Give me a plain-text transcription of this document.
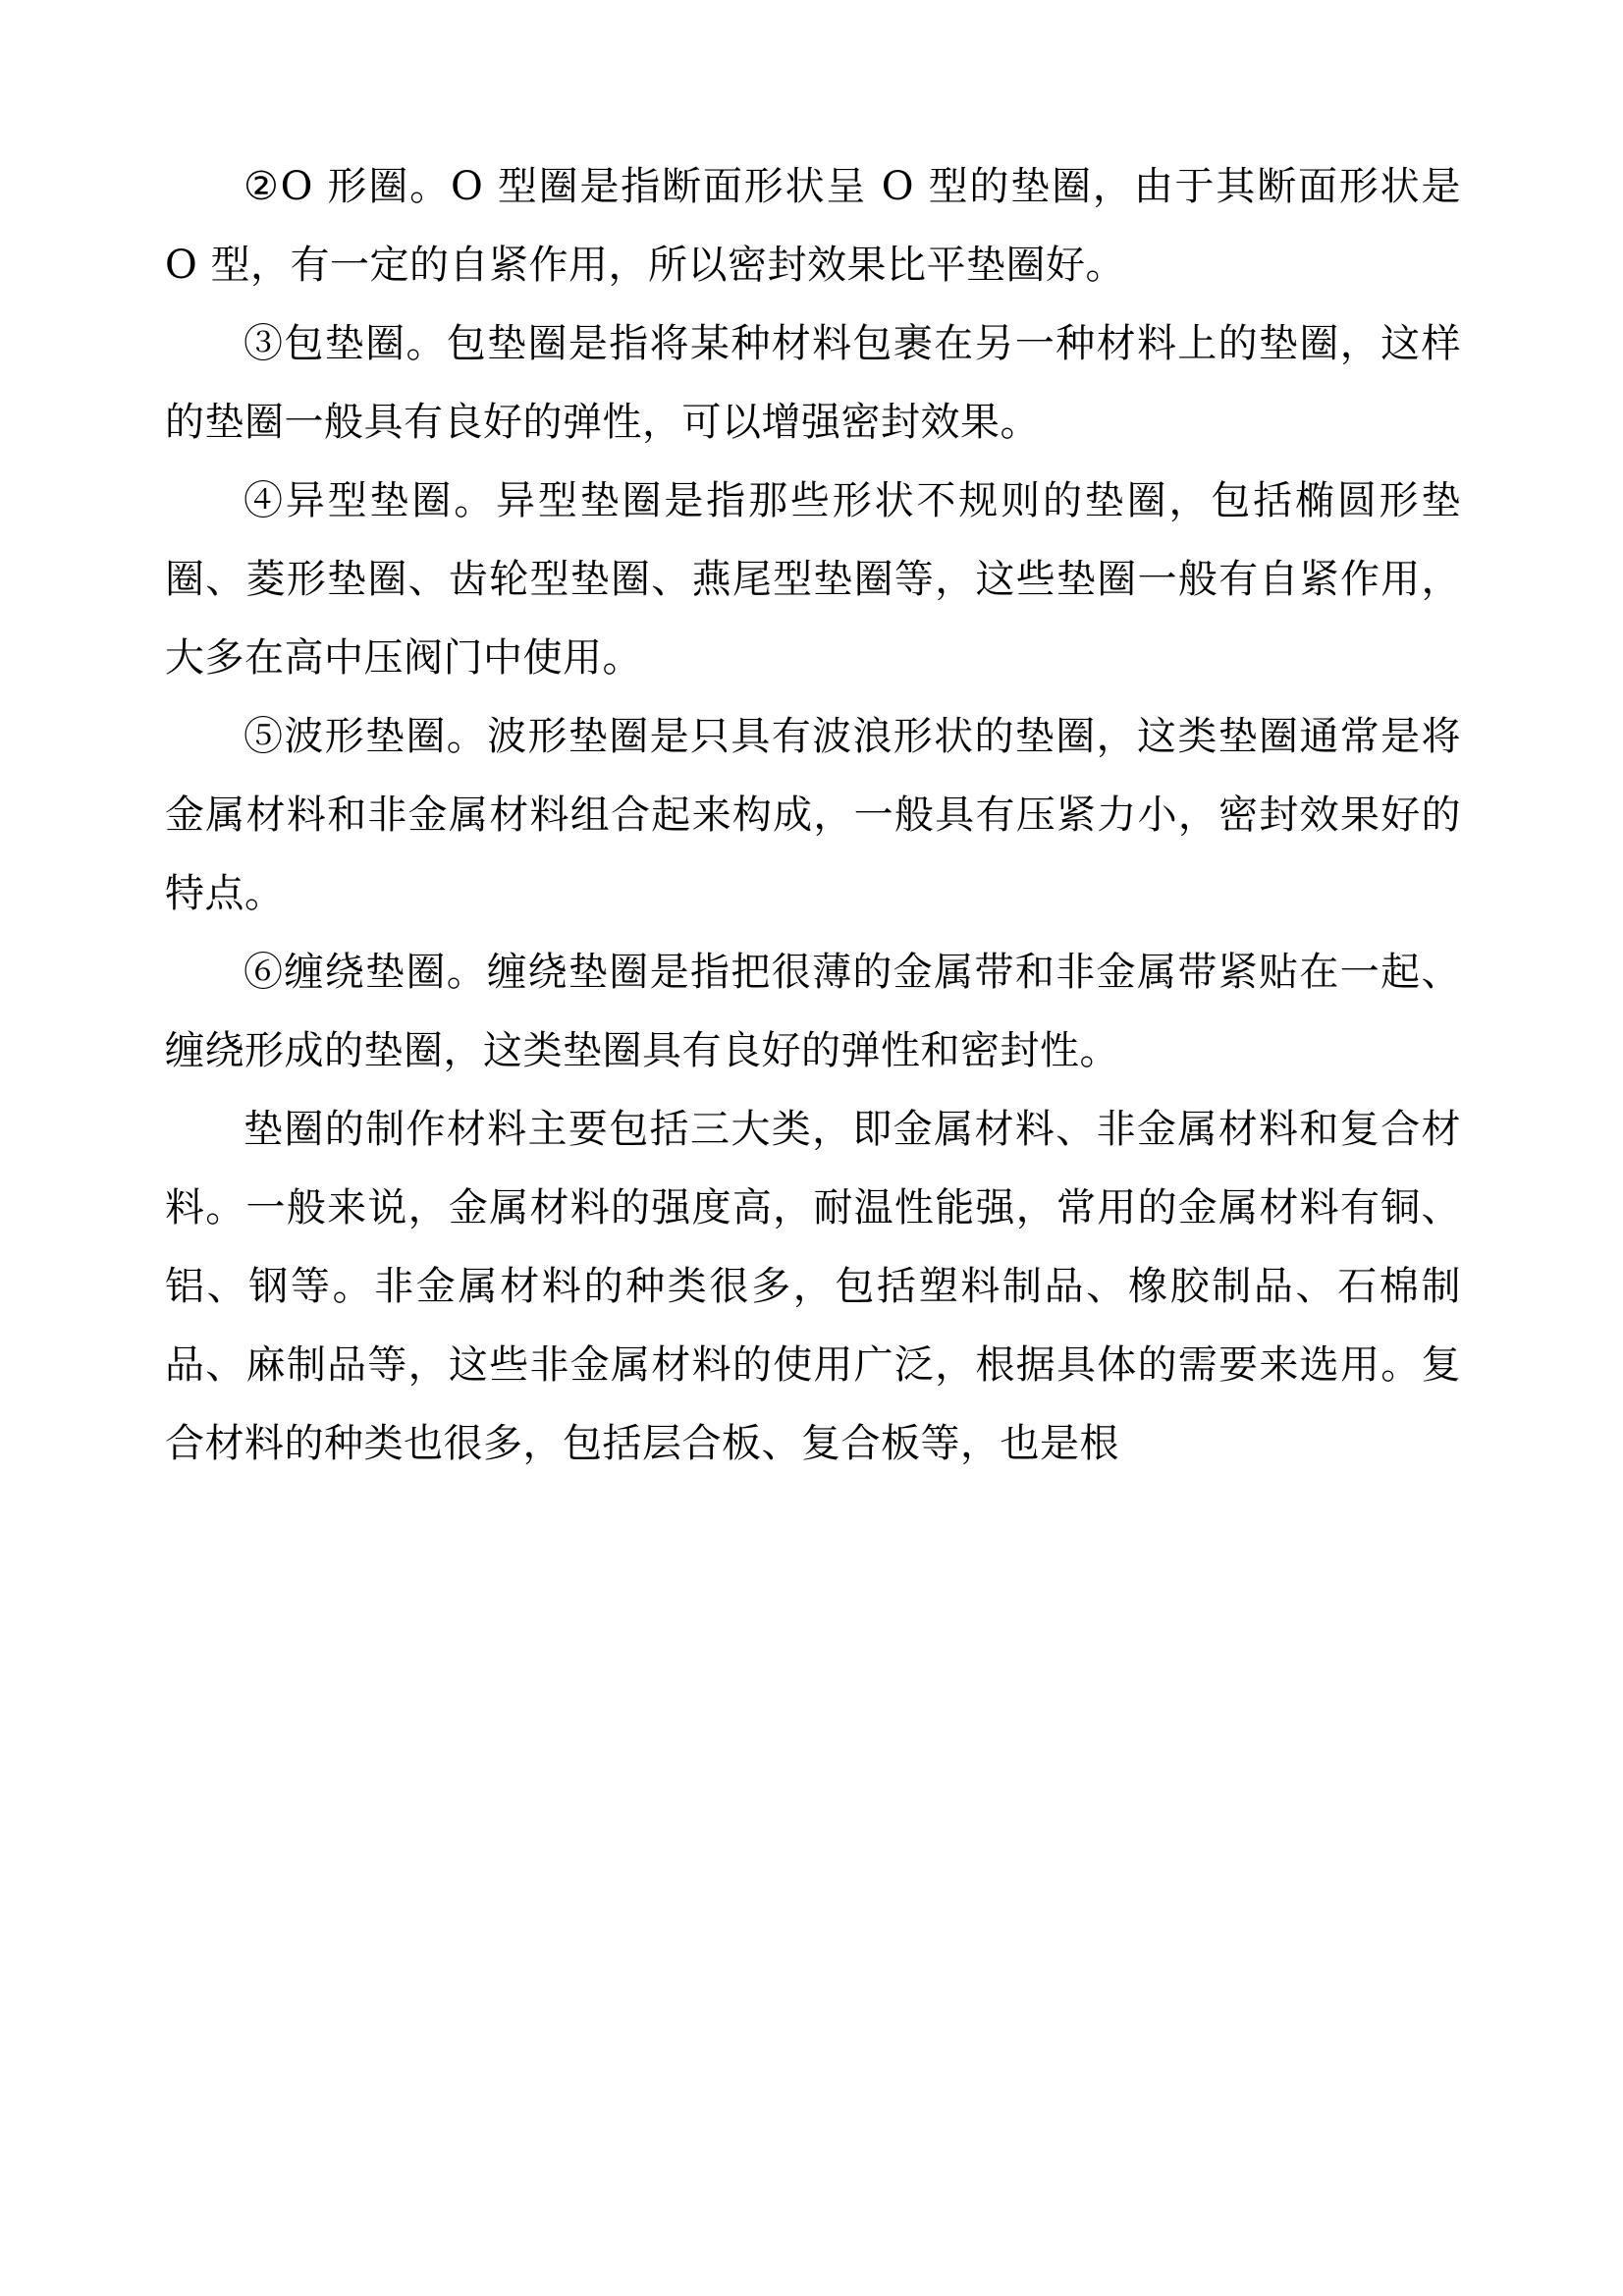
②O 形圈。O 型圈是指断面形状呈 O 型的垫圈，由于其断面形状是 O 型，有一定的自紧作用，所以密封效果比平垫圈好。

③包垫圈。包垫圈是指将某种材料包裹在另一种材料上的垫圈，这样的垫圈一般具有良好的弹性，可以增强密封效果。

④异型垫圈。异型垫圈是指那些形状不规则的垫圈，包括椭圆形垫圈、菱形垫圈、齿轮型垫圈、燕尾型垫圈等，这些垫圈一般有自紧作用，大多在高中压阀门中使用。

⑤波形垫圈。波形垫圈是只具有波浪形状的垫圈，这类垫圈通常是将金属材料和非金属材料组合起来构成，一般具有压紧力小，密封效果好的特点。

⑥缠绕垫圈。缠绕垫圈是指把很薄的金属带和非金属带紧贴在一起、缠绕形成的垫圈，这类垫圈具有良好的弹性和密封性。

垫圈的制作材料主要包括三大类，即金属材料、非金属材料和复合材料。一般来说，金属材料的强度高，耐温性能强，常用的金属材料有铜、铝、钢等。非金属材料的种类很多，包括塑料制品、橡胶制品、石棉制品、麻制品等，这些非金属材料的使用广泛，根据具体的需要来选用。复合材料的种类也很多，包括层合板、复合板等，也是根
